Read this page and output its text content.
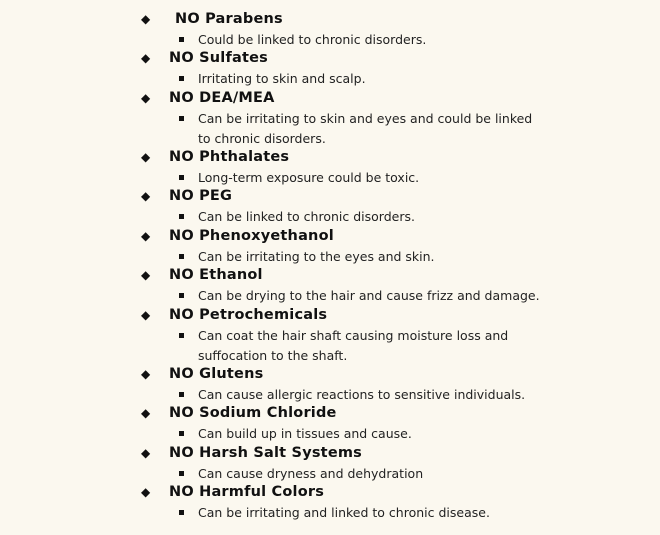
◆ NO Parabens
Could be linked to chronic disorders.
◆ NO Sulfates
Irritating to skin and scalp.
◆ NO DEA/MEA
Can be irritating to skin and eyes and could be linked to chronic disorders.
◆ NO Phthalates
Long-term exposure could be toxic.
◆ NO PEG
Can be linked to chronic disorders.
◆ NO Phenoxyethanol
Can be irritating to the eyes and skin.
◆ NO Ethanol
Can be drying to the hair and cause frizz and damage.
◆ NO Petrochemicals
Can coat the hair shaft causing moisture loss and suffocation to the shaft.
◆ NO Glutens
Can cause allergic reactions to sensitive individuals.
◆ NO Sodium Chloride
Can build up in tissues and cause.
◆ NO Harsh Salt Systems
Can cause dryness and dehydration
◆ NO Harmful Colors
Can be irritating and linked to chronic disease.
